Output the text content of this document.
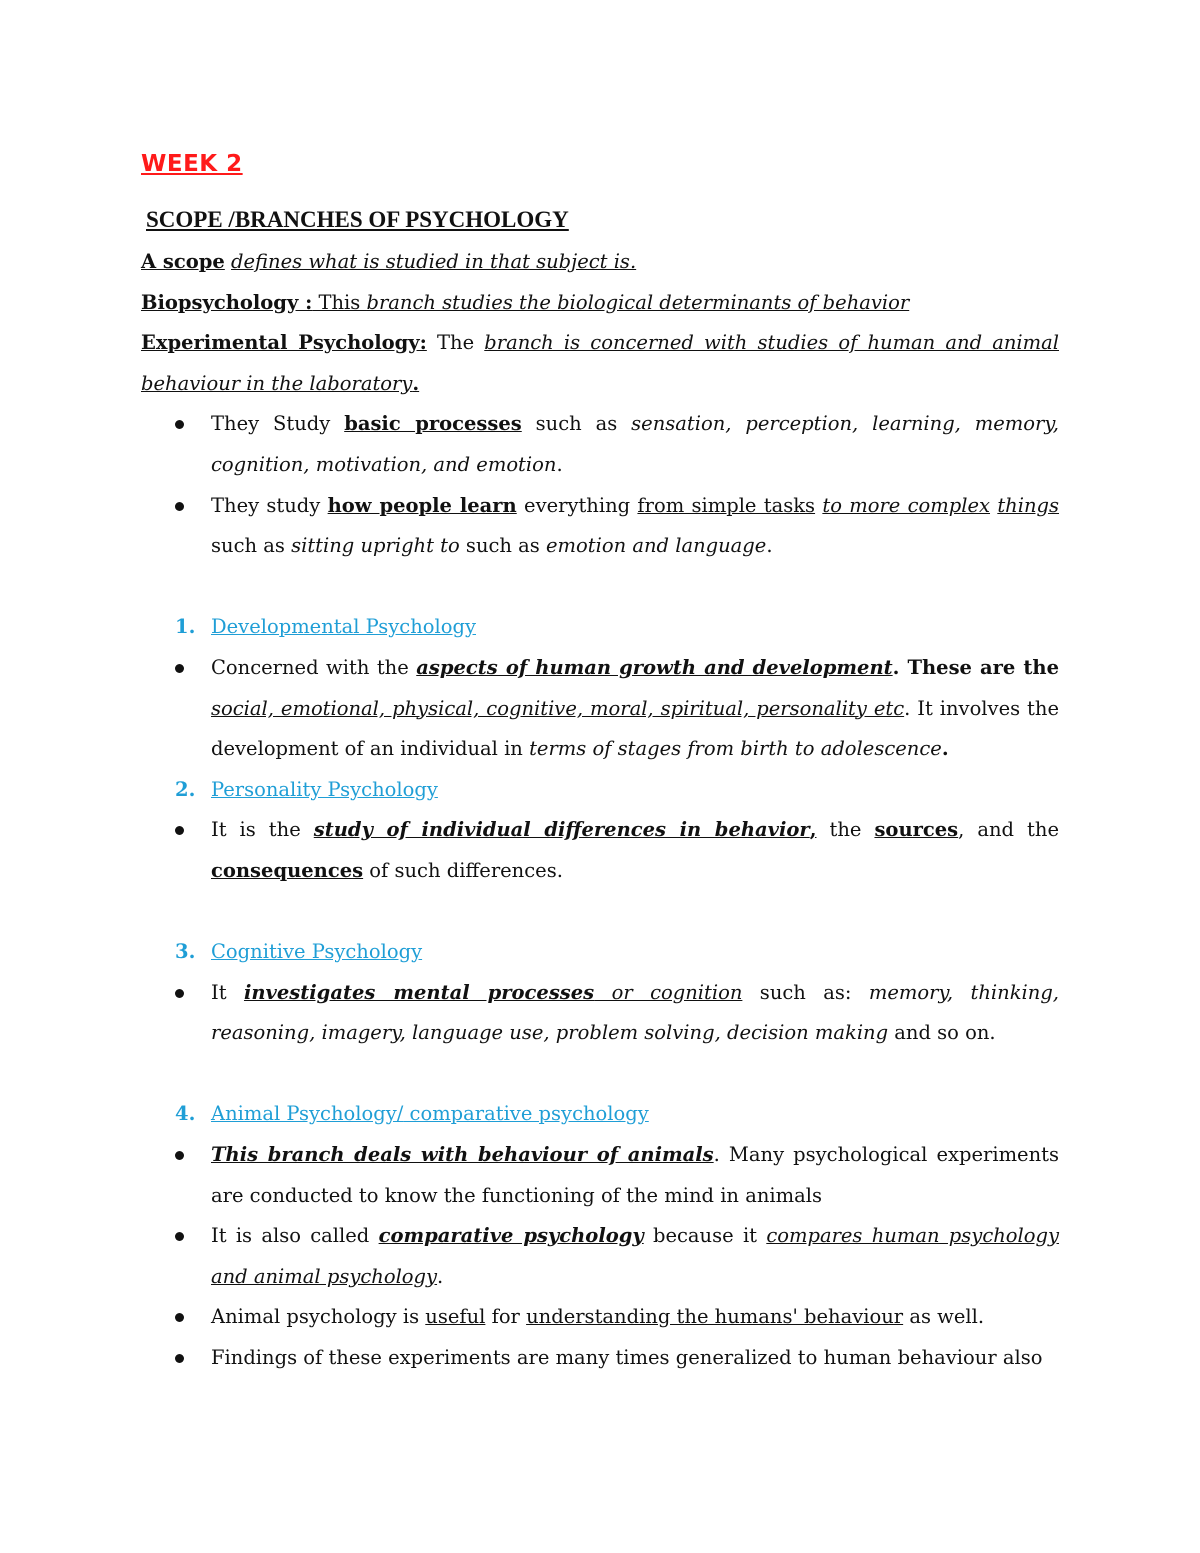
WEEK 2
SCOPE /BRANCHES OF PSYCHOLOGY

A scope defines what is studied in that subject is.

Biopsychology : This branch studies the biological determinants of behavior

Experimental Psychology: The branch is concerned with studies of human and animal behaviour in the laboratory.

They Study basic processes such as sensation, perception, learning, memory, cognition, motivation, and emotion.
They study how people learn everything from simple tasks to more complex things such as sitting upright to such as emotion and language.
1. Developmental Psychology
Concerned with the aspects of human growth and development. These are the social, emotional, physical, cognitive, moral, spiritual, personality etc. It involves the development of an individual in terms of stages from birth to adolescence.
2. Personality Psychology
It is the study of individual differences in behavior, the sources, and the consequences of such differences.
3. Cognitive Psychology
It investigates mental processes or cognition such as: memory, thinking, reasoning, imagery, language use, problem solving, decision making and so on.
4. Animal Psychology/ comparative psychology
This branch deals with behaviour of animals. Many psychological experiments are conducted to know the functioning of the mind in animals
It is also called comparative psychology because it compares human psychology and animal psychology.
Animal psychology is useful for understanding the humans' behaviour as well.
Findings of these experiments are many times generalized to human behaviour also
